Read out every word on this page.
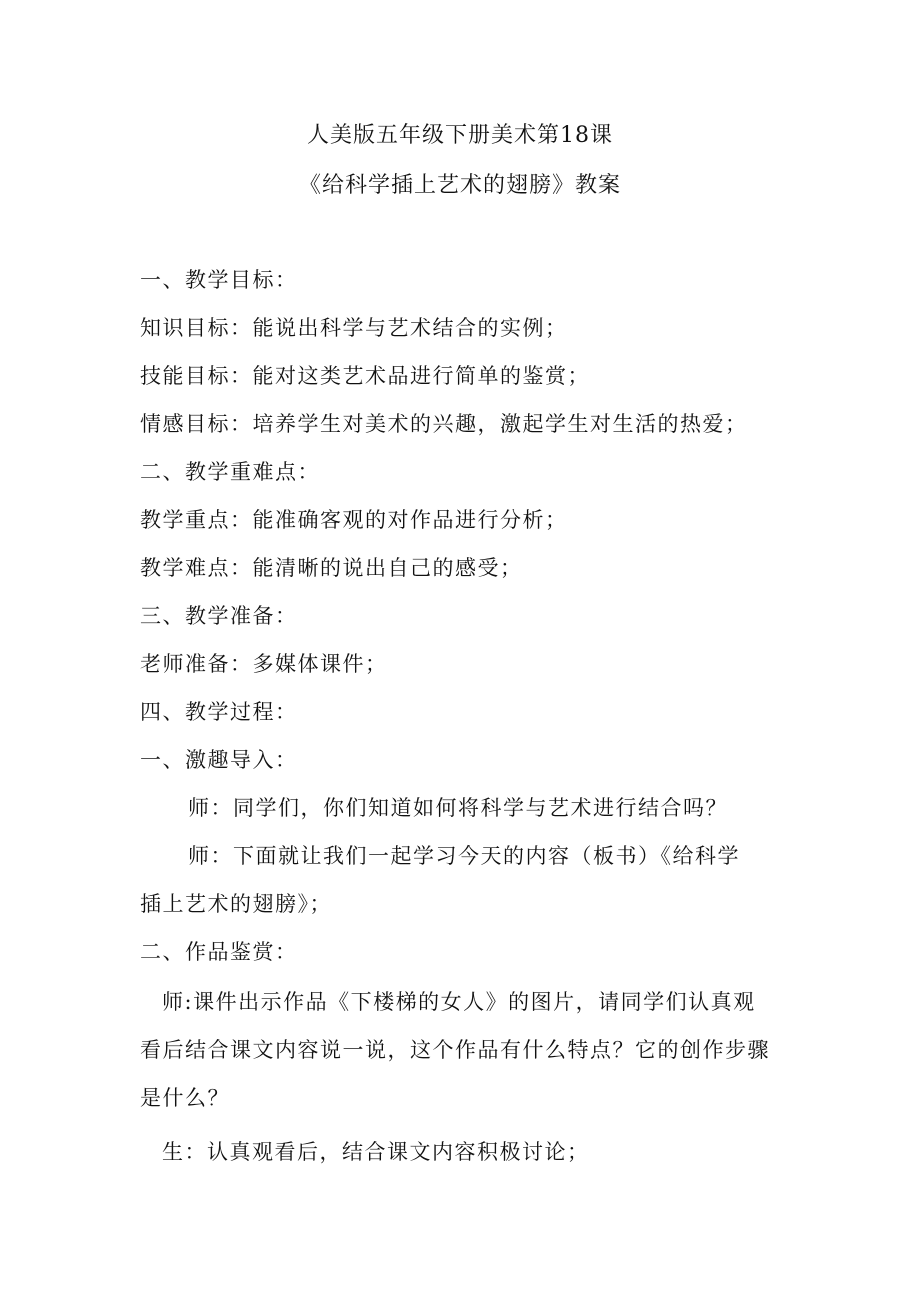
人美版五年级下册美术第18课
《给科学插上艺术的翅膀》教案
一、教学目标：
知识目标：能说出科学与艺术结合的实例；
技能目标：能对这类艺术品进行简单的鉴赏；
情感目标：培养学生对美术的兴趣，激起学生对生活的热爱；
二、教学重难点：
教学重点：能准确客观的对作品进行分析；
教学难点：能清晰的说出自己的感受；
三、教学准备：
老师准备：多媒体课件；
四、教学过程：
一、激趣导入：
师：同学们，你们知道如何将科学与艺术进行结合吗？
师：下面就让我们一起学习今天的内容（板书）《给科学
插上艺术的翅膀》；
二、作品鉴赏：
师:课件出示作品《下楼梯的女人》的图片，请同学们认真观
看后结合课文内容说一说，这个作品有什么特点？它的创作步骤
是什么？
生：认真观看后，结合课文内容积极讨论；
